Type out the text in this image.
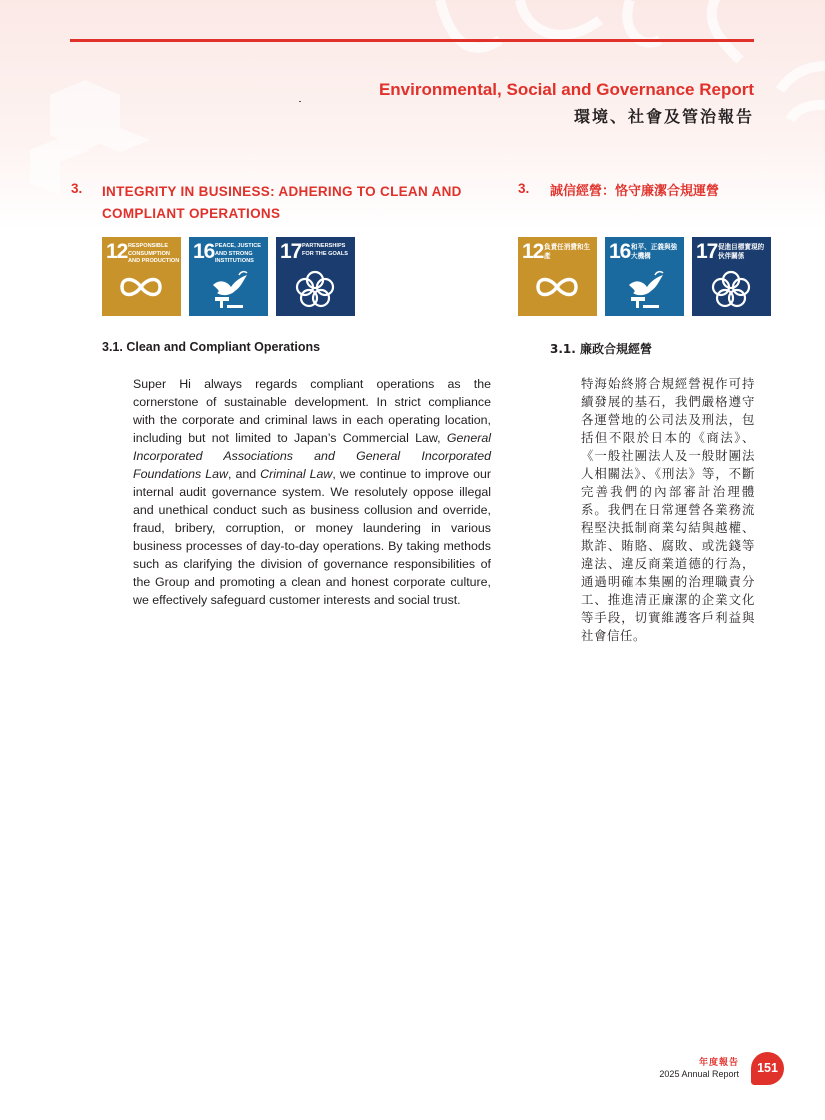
Environmental, Social and Governance Report
環境、社會及管治報告
3. INTEGRITY IN BUSINESS: ADHERING TO CLEAN AND COMPLIANT OPERATIONS
3. 誠信經營：恪守廉潔合規運營
12 RESPONSIBLE CONSUMPTION AND PRODUCTION 16 PEACE, JUSTICE AND STRONG INSTITUTIONS	17 PARTNERSHIPS FOR THE GOALS	12 負責任消費和生產	16 和平、正義與強大機構	17 促進目標實現的伙伴關係
3.1. Clean and Compliant Operations	3.1. 廉政合規經營
Super Hi always regards compliant operations as the cornerstone of sustainable development. In strict compliance with the corporate and criminal laws in each operating location, including but not limited to Japan’s Commercial Law, General Incorporated Associations and General Incorporated Foundations Law, and Criminal Law, we continue to improve our internal audit governance system. We resolutely oppose illegal and unethical conduct such as business collusion and override, fraud, bribery, corruption, or money laundering in various business processes of day-to-day operations. By taking methods such as clarifying the division of governance responsibilities of the Group and promoting a clean and honest corporate culture, we effectively safeguard customer interests and social trust.
特海始終將合規經營視作可持續發展的基石，我們嚴格遵守各運營地的公司法及刑法，包括但不限於日本的《商法》、《一般社團法人及一般財團法人相關法》、《刑法》等，不斷完善我們的內部審計治理體系。我們在日常運營各業務流程堅決抵制商業勾結與越權、欺詐、賄賂、腐敗、或洗錢等違法、違反商業道德的行為，通過明確本集團的治理職責分工、推進清正廉潔的企業文化等手段，切實維護客戶利益與社會信任。
年度報告
2025 Annual Report	151
